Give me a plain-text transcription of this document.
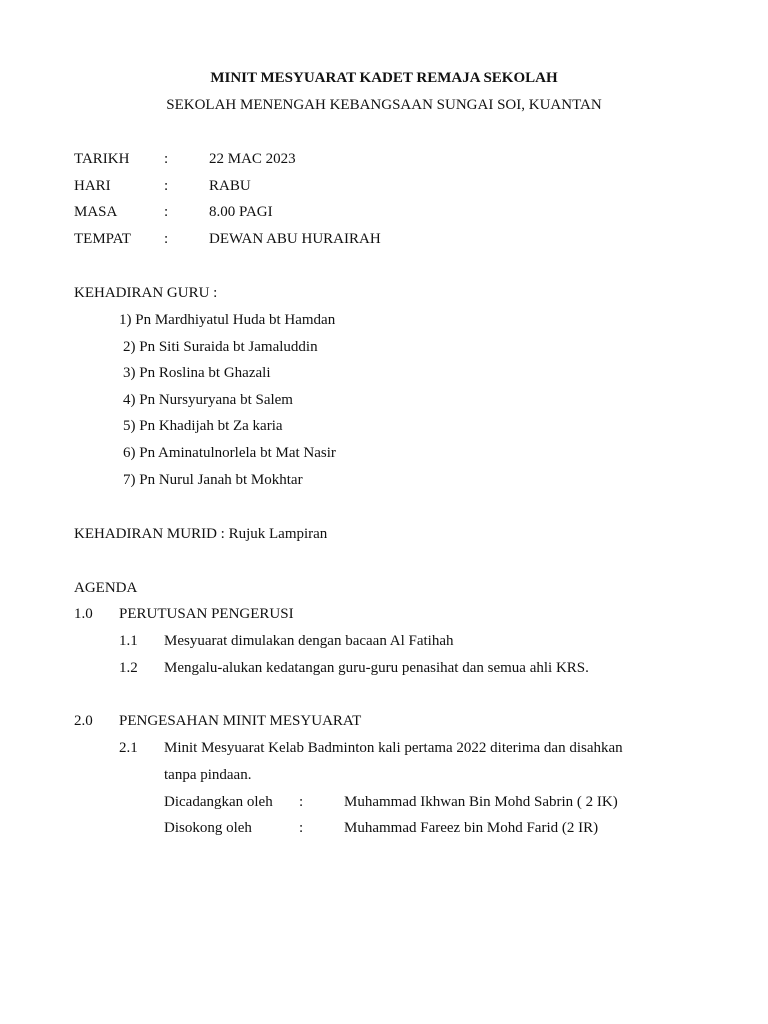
MINIT MESYUARAT KADET REMAJA SEKOLAH
SEKOLAH MENENGAH KEBANGSAAN SUNGAI SOI, KUANTAN
TARIKH :	22 MAC 2023
HARI	:	RABU
MASA	:	8.00 PAGI
TEMPAT :	DEWAN ABU HURAIRAH
KEHADIRAN GURU :
1) Pn Mardhiyatul Huda bt Hamdan
2) Pn Siti Suraida bt Jamaluddin
3) Pn Roslina bt Ghazali
4) Pn Nursyuryana bt Salem
5) Pn Khadijah bt Za karia
6) Pn Aminatulnorlela bt Mat Nasir
7) Pn Nurul Janah bt Mokhtar
KEHADIRAN MURID : Rujuk Lampiran
AGENDA
1.0 PERUTUSAN PENGERUSI
1.1 Mesyuarat dimulakan dengan bacaan Al Fatihah
1.2 Mengalu-alukan kedatangan guru-guru penasihat dan semua ahli KRS.
2.0 PENGESAHAN MINIT MESYUARAT
2.1 Minit Mesyuarat Kelab Badminton kali pertama 2022 diterima dan disahkan
tanpa pindaan.
Dicadangkan oleh :	Muhammad Ikhwan Bin Mohd Sabrin ( 2 IK)
Disokong oleh	:	Muhammad Fareez bin Mohd Farid (2 IR)
